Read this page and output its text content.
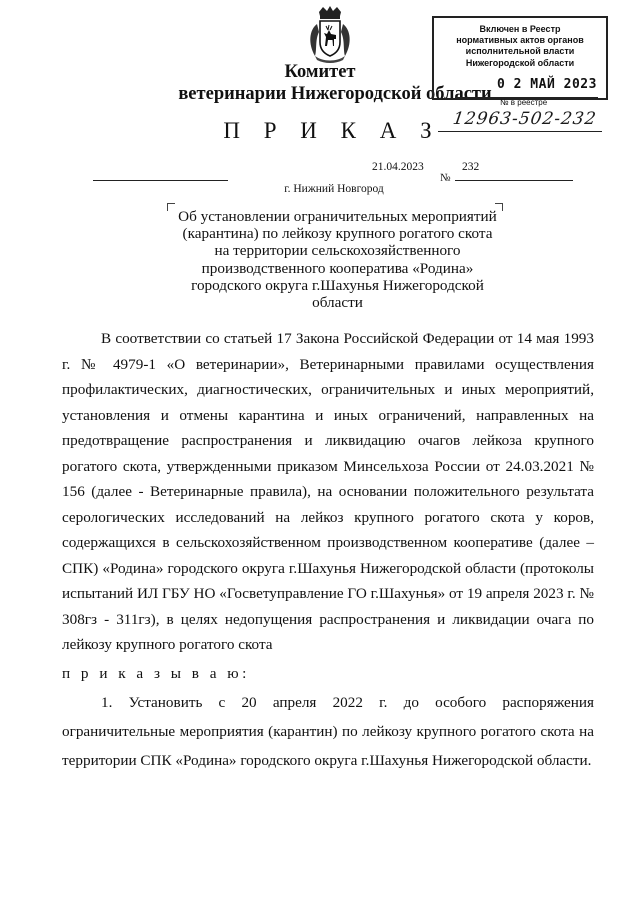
Комитет
ветеринарии Нижегородской области
П Р И К А З
Включен в Реестр
нормативных актов органов
исполнительной власти
Нижегородской области
0 2 МАЙ 2023
№ в реестре
12963-502-232
21.04.2023	232
№
г. Нижний Новгород
Об установлении ограничительных мероприятий
(карантина) по лейкозу крупного рогатого скота
на территории сельскохозяйственного
производственного кооператива «Родина»
городского округа г.Шахунья Нижегородской
области
В соответствии со статьей 17 Закона Российской Федерации от 14 мая 1993 г. № 4979-1 «О ветеринарии», Ветеринарными правилами осуществления профилактических, диагностических, ограничительных и иных мероприятий, установления и отмены карантина и иных ограничений, направленных на предотвращение распространения и ликвидацию очагов лейкоза крупного рогатого скота, утвержденными приказом Минсельхоза России от 24.03.2021 № 156 (далее - Ветеринарные правила), на основании положительного результата серологических исследований на лейкоз крупного рогатого скота у коров, содержащихся в сельскохозяйственном производственном кооперативе (далее – СПК) «Родина» городского округа г.Шахунья Нижегородской области (протоколы испытаний ИЛ ГБУ НО «Госветуправление ГО г.Шахунья» от 19 апреля 2023 г. № 308гз - 311гз), в целях недопущения распространения и ликвидации очага по лейкозу крупного рогатого скота
п р и к а з ы в а ю:
1. Установить с 20 апреля 2022 г. до особого распоряжения ограничительные мероприятия (карантин) по лейкозу крупного рогатого скота на территории СПК «Родина» городского округа г.Шахунья Нижегородской области.
